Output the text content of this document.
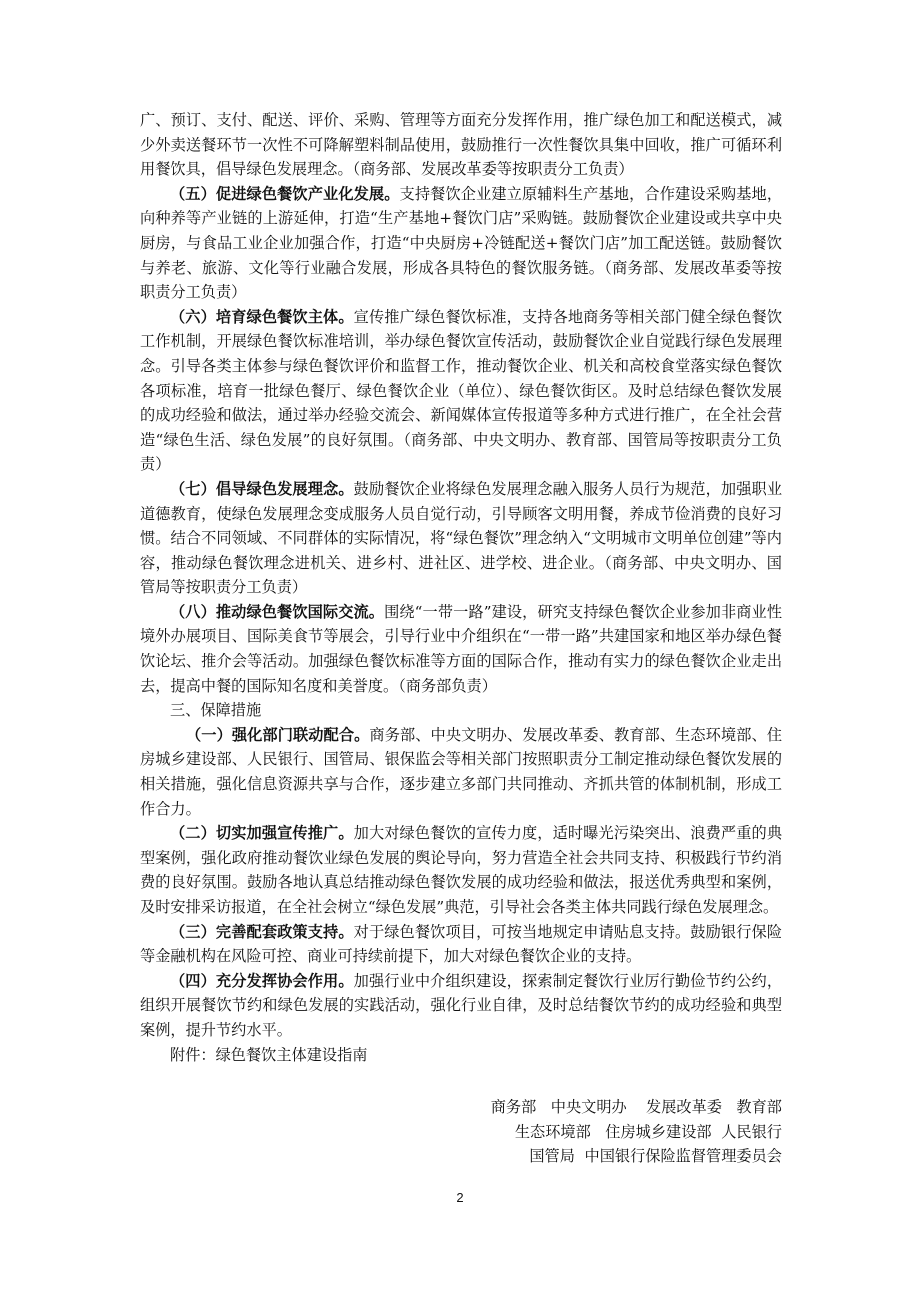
广、预订、支付、配送、评价、采购、管理等方面充分发挥作用，推广绿色加工和配送模式，减少外卖送餐环节一次性不可降解塑料制品使用，鼓励推行一次性餐饮具集中回收，推广可循环利用餐饮具，倡导绿色发展理念。（商务部、发展改革委等按职责分工负责）

（五）促进绿色餐饮产业化发展。支持餐饮企业建立原辅料生产基地，合作建设采购基地，向种养等产业链的上游延伸，打造“生产基地+餐饮门店”采购链。鼓励餐饮企业建设或共享中央厨房，与食品工业企业加强合作，打造“中央厨房+冷链配送+餐饮门店”加工配送链。鼓励餐饮与养老、旅游、文化等行业融合发展，形成各具特色的餐饮服务链。（商务部、发展改革委等按职责分工负责）

（六）培育绿色餐饮主体。宣传推广绿色餐饮标准，支持各地商务等相关部门健全绿色餐饮工作机制，开展绿色餐饮标准培训，举办绿色餐饮宣传活动，鼓励餐饮企业自觉践行绿色发展理念。引导各类主体参与绿色餐饮评价和监督工作，推动餐饮企业、机关和高校食堂落实绿色餐饮各项标准，培育一批绿色餐厅、绿色餐饮企业（单位）、绿色餐饮街区。及时总结绿色餐饮发展的成功经验和做法，通过举办经验交流会、新闻媒体宣传报道等多种方式进行推广，在全社会营造“绿色生活、绿色发展”的良好氛围。（商务部、中央文明办、教育部、国管局等按职责分工负责）

（七）倡导绿色发展理念。鼓励餐饮企业将绿色发展理念融入服务人员行为规范，加强职业道德教育，使绿色发展理念变成服务人员自觉行动，引导顾客文明用餐，养成节俭消费的良好习惯。结合不同领域、不同群体的实际情况，将“绿色餐饮”理念纳入“文明城市文明单位创建”等内容，推动绿色餐饮理念进机关、进乡村、进社区、进学校、进企业。（商务部、中央文明办、国管局等按职责分工负责）

（八）推动绿色餐饮国际交流。围绕“一带一路”建设，研究支持绿色餐饮企业参加非商业性境外办展项目、国际美食节等展会，引导行业中介组织在“一带一路”共建国家和地区举办绿色餐饮论坛、推介会等活动。加强绿色餐饮标准等方面的国际合作，推动有实力的绿色餐饮企业走出去，提高中餐的国际知名度和美誉度。（商务部负责）

三、保障措施

（一）强化部门联动配合。商务部、中央文明办、发展改革委、教育部、生态环境部、住房城乡建设部、人民银行、国管局、银保监会等相关部门按照职责分工制定推动绿色餐饮发展的相关措施，强化信息资源共享与合作，逐步建立多部门共同推动、齐抓共管的体制机制，形成工作合力。

（二）切实加强宣传推广。加大对绿色餐饮的宣传力度，适时曝光污染突出、浪费严重的典型案例，强化政府推动餐饮业绿色发展的舆论导向，努力营造全社会共同支持、积极践行节约消费的良好氛围。鼓励各地认真总结推动绿色餐饮发展的成功经验和做法，报送优秀典型和案例，及时安排采访报道，在全社会树立“绿色发展”典范，引导社会各类主体共同践行绿色发展理念。

（三）完善配套政策支持。对于绿色餐饮项目，可按当地规定申请贴息支持。鼓励银行保险等金融机构在风险可控、商业可持续前提下，加大对绿色餐饮企业的支持。

（四）充分发挥协会作用。加强行业中介组织建设，探索制定餐饮行业厉行勤俭节约公约，组织开展餐饮节约和绿色发展的实践活动，强化行业自律，及时总结餐饮节约的成功经验和典型案例，提升节约水平。

附件：绿色餐饮主体建设指南

商务部   中央文明办    发展改革委   教育部

生态环境部   住房城乡建设部  人民银行

国管局  中国银行保险监督管理委员会

2
